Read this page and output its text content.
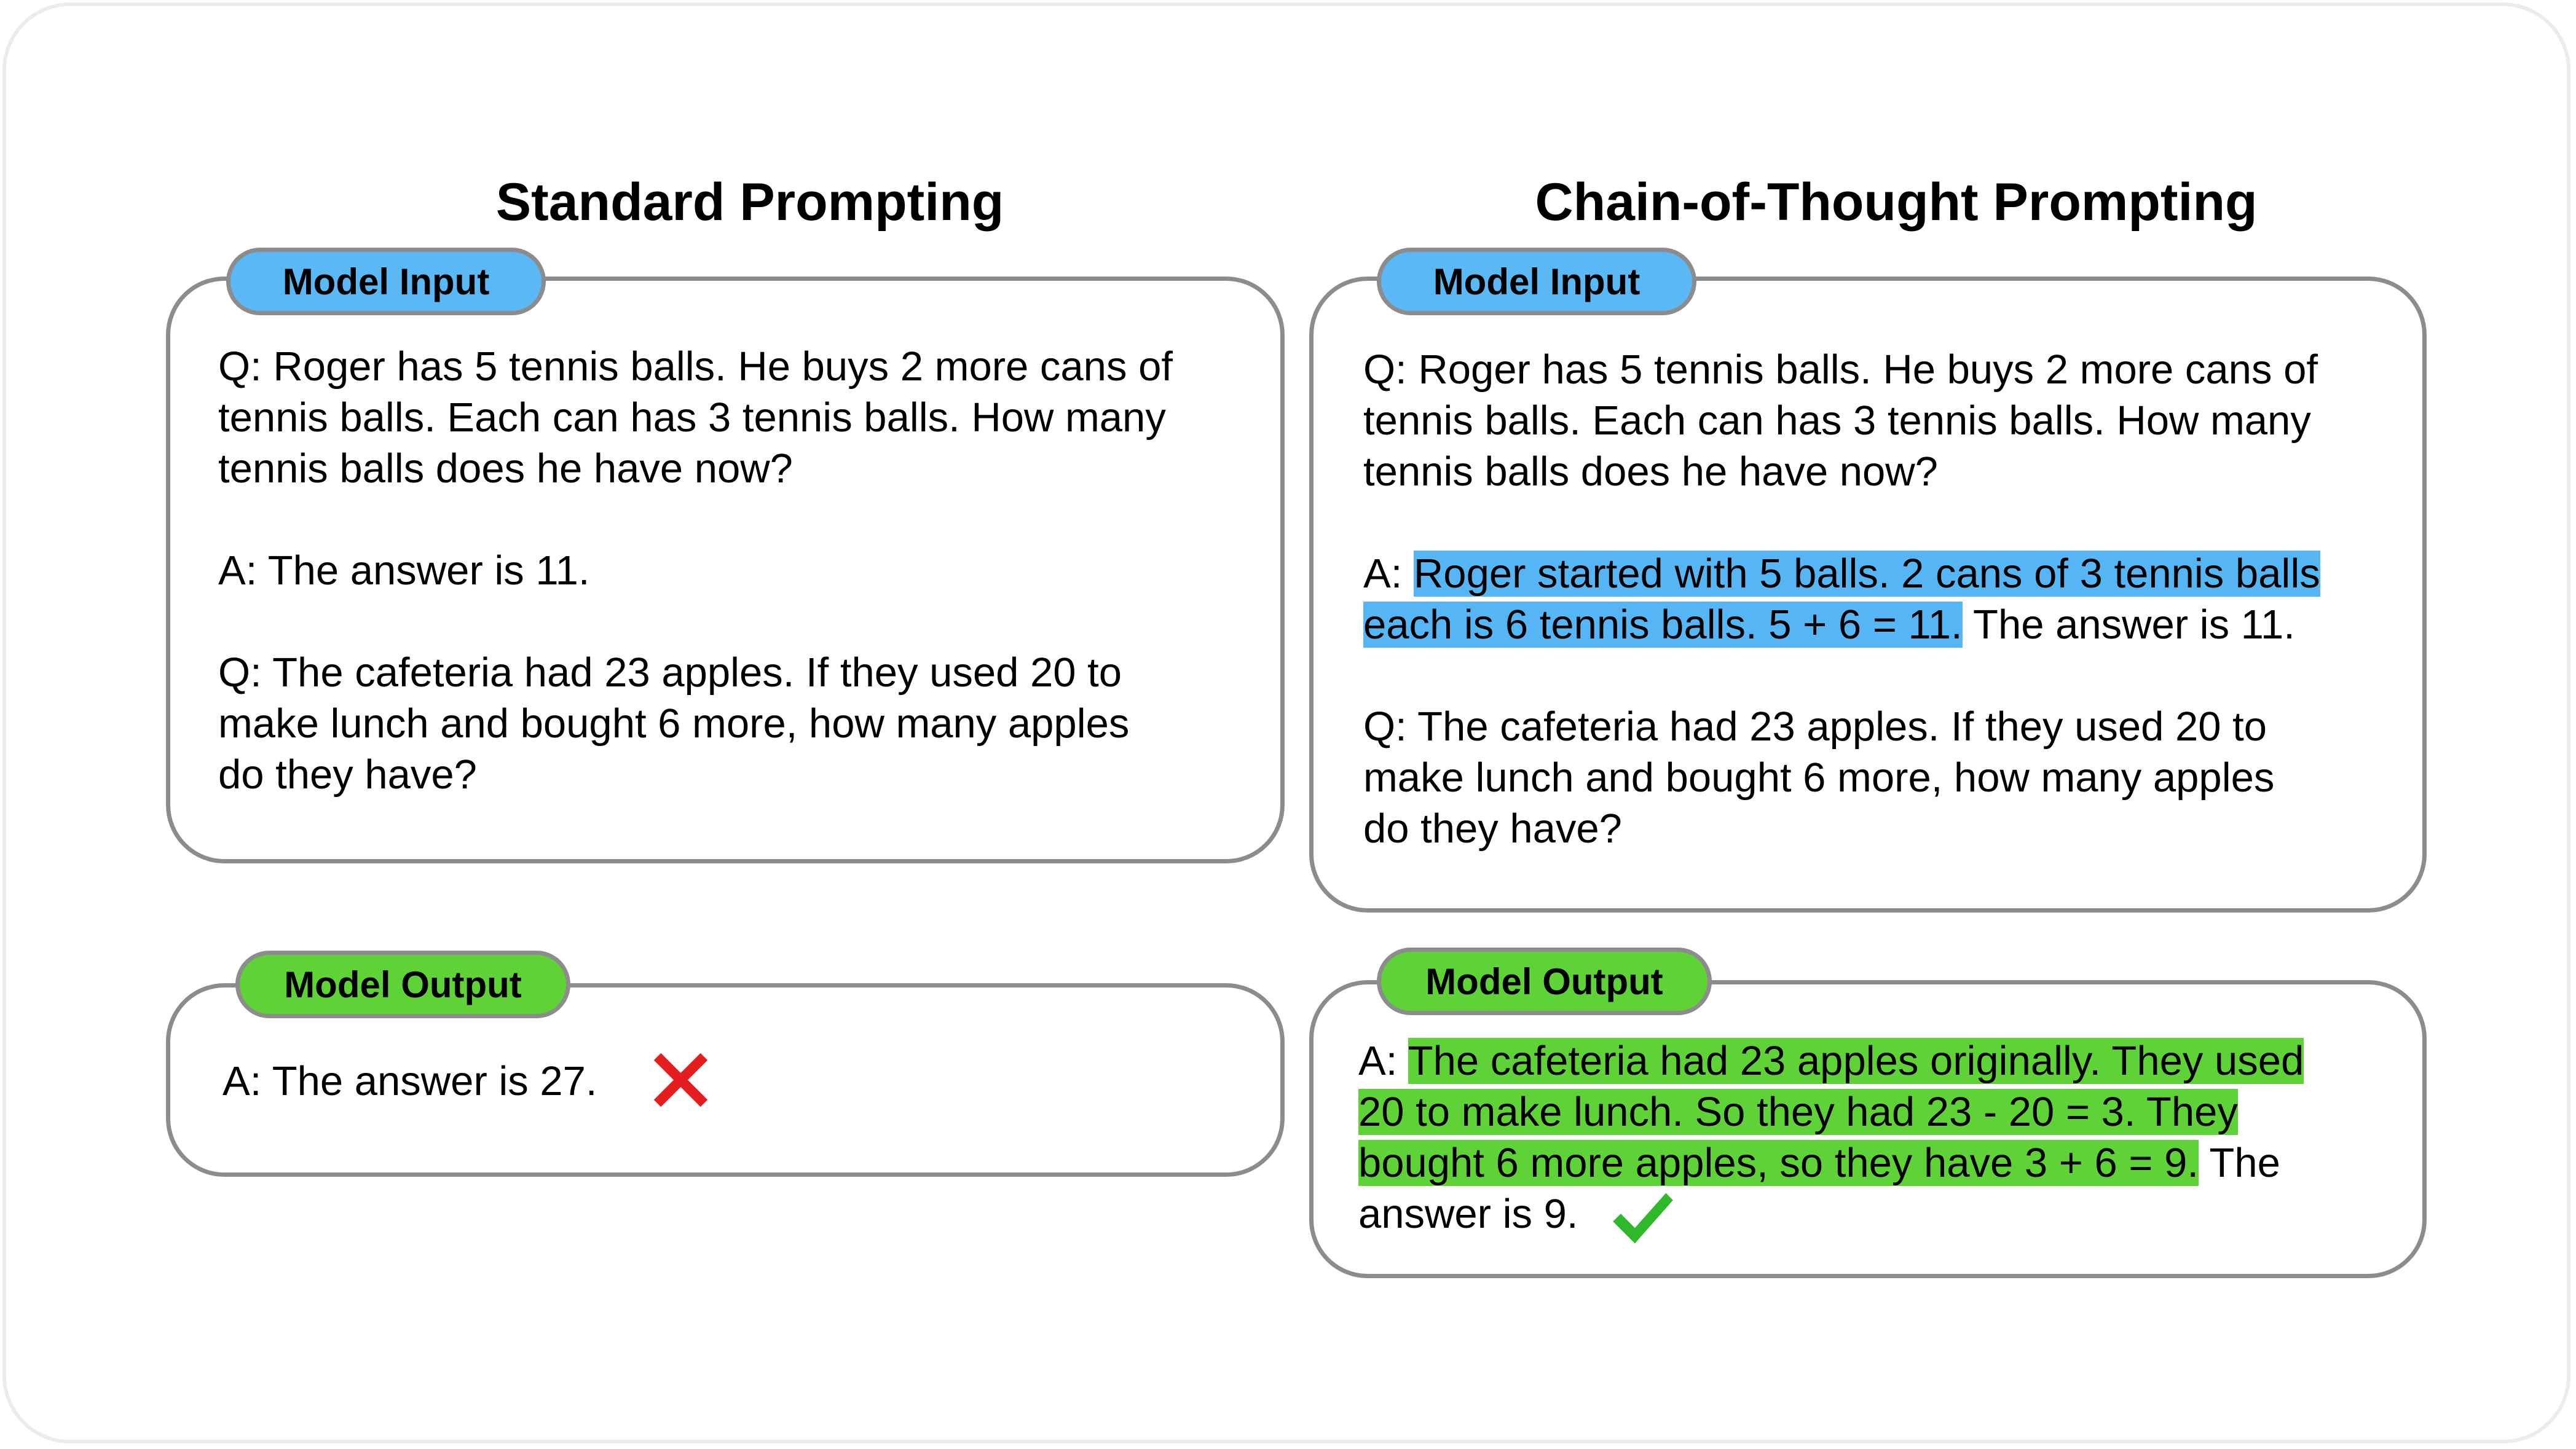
Standard Prompting
Model Input

Q: Roger has 5 tennis balls. He buys 2 more cans of
tennis balls. Each can has 3 tennis balls. How many
tennis balls does he have now?

A: The answer is 11.

Q: The cafeteria had 23 apples. If they used 20 to
make lunch and bought 6 more, how many apples
do they have?

Model Output
A: The answer is 27.
Chain-of-Thought Prompting
Model Input

Q: Roger has 5 tennis balls. He buys 2 more cans of
tennis balls. Each can has 3 tennis balls. How many
tennis balls does he have now?

A: Roger started with 5 balls. 2 cans of 3 tennis balls
each is 6 tennis balls. 5 + 6 = 11. The answer is 11.

Q: The cafeteria had 23 apples. If they used 20 to
make lunch and bought 6 more, how many apples
do they have?

Model Output

A: The cafeteria had 23 apples originally. They used
20 to make lunch. So they had 23 - 20 = 3. They
bought 6 more apples, so they have 3 + 6 = 9. The
answer is 9.
